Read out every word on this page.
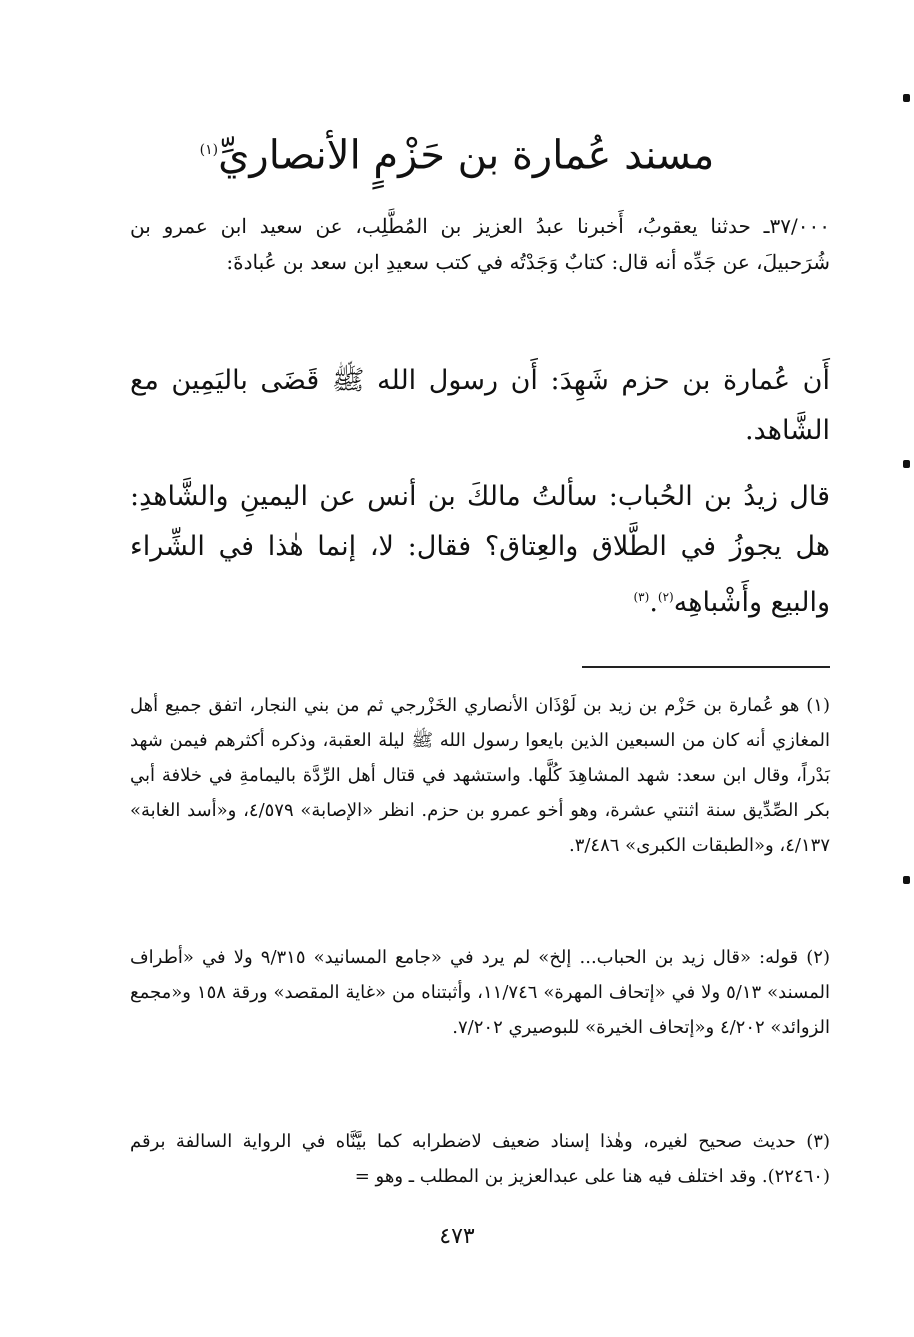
مسند عُمارة بن حَزْمٍ الأنصاريِّ$^{(١)}$
٣٧/٠٠٠ـ حدثنا يعقوبُ، أَخبرنا عبدُ العزيز بن المُطَّلِب، عن سعيد ابن عمرو بن شُرَحبيلَ، عن جَدِّه أنه قال: كتابٌ وَجَدْتُه في كتب سعيدِ ابن سعد بن عُبادةَ:
أَن عُمارة بن حزم شَهِدَ: أَن رسول الله ﷺ قَضَى باليَمِين مع الشَّاهد.
قال زيدُ بن الحُباب: سألتُ مالكَ بن أنس عن اليمينِ والشَّاهدِ: هل يجوزُ في الطَّلاق والعِتاق؟ فقال: لا، إنما هٰذا في الشِّراء والبيع وأَشْباهِه$^{(٢)}$.$^{(٣)}$
(١) هو عُمارة بن حَزْم بن زيد بن لَوْذَان الأنصاري الخَزْرجي ثم من بني النجار، اتفق جميع أهل المغازي أنه كان من السبعين الذين بايعوا رسول الله ﷺ ليلة العقبة، وذكره أكثرهم فيمن شهد بَدْراً، وقال ابن سعد: شهد المشاهِدَ كُلَّها. واستشهد في قتال أهل الرِّدَّة باليمامةِ في خلافة أبي بكر الصِّدِّيق سنة اثنتي عشرة، وهو أخو عمرو بن حزم. انظر «الإصابة» ٤/٥٧٩، و«أسد الغابة» ٤/١٣٧، و«الطبقات الكبرى» ٣/٤٨٦.
(٢) قوله: «قال زيد بن الحباب... إلخ» لم يرد في «جامع المسانيد» ٩/٣١٥ ولا في «أطراف المسند» ٥/١٣ ولا في «إتحاف المهرة» ١١/٧٤٦، وأثبتناه من «غاية المقصد» ورقة ١٥٨ و«مجمع الزوائد» ٤/٢٠٢ و«إتحاف الخيرة» للبوصيري ٧/٢٠٢.
(٣) حديث صحيح لغيره، وهٰذا إسناد ضعيف لاضطرابه كما بيَّنَّاه في الرواية السالفة برقم (٢٢٤٦٠). وقد اختلف فيه هنا على عبدالعزيز بن المطلب ـ وهو =
٤٧٣
